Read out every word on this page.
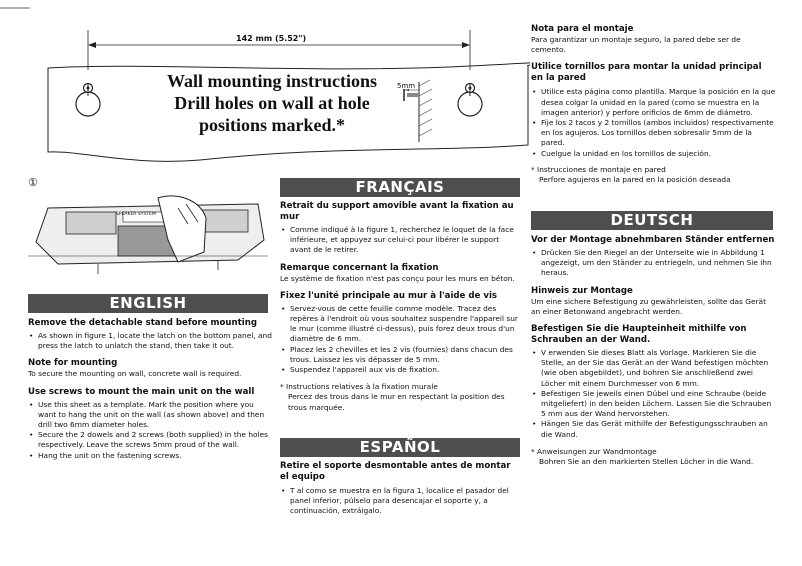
142 mm (5.52")
5mm
Wall mounting instructions
Drill holes on wall at hole
positions marked.*
①
SPEAKER SYSTEM
ENGLISH
Remove the detachable stand before mounting
• As shown in figure 1, locate the latch on the bottom panel, and press the latch to unlatch the stand, then take it out.
Note for mounting
To secure the mounting on wall, concrete wall is required.
Use screws to mount the main unit on the wall
• Use this sheet as a template. Mark the position where you want to hang the unit on the wall (as shown above) and then drill two 6mm diameter holes.
• Secure the 2 dowels and 2 screws (both supplied) in the holes respectively. Leave the screws 5mm proud of the wall.
• Hang the unit on the fastening screws.
FRANÇAIS
Retrait du support amovible avant la fixation au mur
• Comme indiqué à la figure 1, recherchez le loquet de la face inférieure, et appuyez sur celui-ci pour libérer le support avant de le retirer.
Remarque concernant la fixation
Le système de fixation n'est pas conçu pour les murs en béton.
Fixez l'unité principale au mur à l'aide de vis
• Servez-vous de cette feuille comme modèle. Tracez des repères à l'endroit où vous souhaitez suspendre l'appareil sur le mur (comme illustré ci-dessus), puis forez deux trous d'un diamètre de 6 mm.
• Placez les 2 chevilles et les 2 vis (fournies) dans chacun des trous. Laissez les vis dépasser de 5 mm.
• Suspendez l'appareil aux vis de fixation.
* Instructions relatives à la fixation murale
Percez des trous dans le mur en respectant la position des trous marquée.
ESPAÑOL
Retire el soporte desmontable antes de montar el equipo
• T al como se muestra en la figura 1, localice el pasador del panel inferior, púlselo para desencajar el soporte y, a continuación, extráigalo.
Nota para el montaje
Para garantizar un montaje seguro, la pared debe ser de cemento.
Utilice tornillos para montar la unidad principal en la pared
• Utilice esta página como plantilla. Marque la posición en la que desea colgar la unidad en la pared (como se muestra en la imagen anterior) y perfore orificios de 6mm de diámetro.
• Fije los 2 tacos y 2 tornillos (ambos incluidos) respectivamente en los agujeros. Los tornillos deben sobresalir 5mm de la pared.
• Cuelgue la unidad en los tornillos de sujeción.
* Instrucciones de montaje en pared
Perfore agujeros en la pared en la posición deseada
DEUTSCH
Vor der Montage abnehmbaren Ständer entfernen
• Drücken Sie den Riegel an der Unterseite wie in Abbildung 1 angezeigt, um den Ständer zu entriegeln, und nehmen Sie ihn heraus.
Hinweis zur Montage
Um eine sichere Befestigung zu gewährleisten, sollte das Gerät an einer Betonwand angebracht werden.
Befestigen Sie die Haupteinheit mithilfe von Schrauben an der Wand.
• V erwenden Sie dieses Blatt als Vorlage. Markieren Sie die Stelle, an der Sie das Gerät an der Wand befestigen möchten (wie oben abgebildet), und bohren Sie anschließend zwei Löcher mit einem Durchmesser von 6 mm.
• Befestigen Sie jeweils einen Dübel und eine Schraube (beide mitgeliefert) in den beiden Löchern. Lassen Sie die Schrauben 5 mm aus der Wand hervorstehen.
• Hängen Sie das Gerät mithilfe der Befestigungsschrauben an die Wand.
* Anweisungen zur Wandmontage
Bohren Sie an den markierten Stellen Löcher in die Wand.
